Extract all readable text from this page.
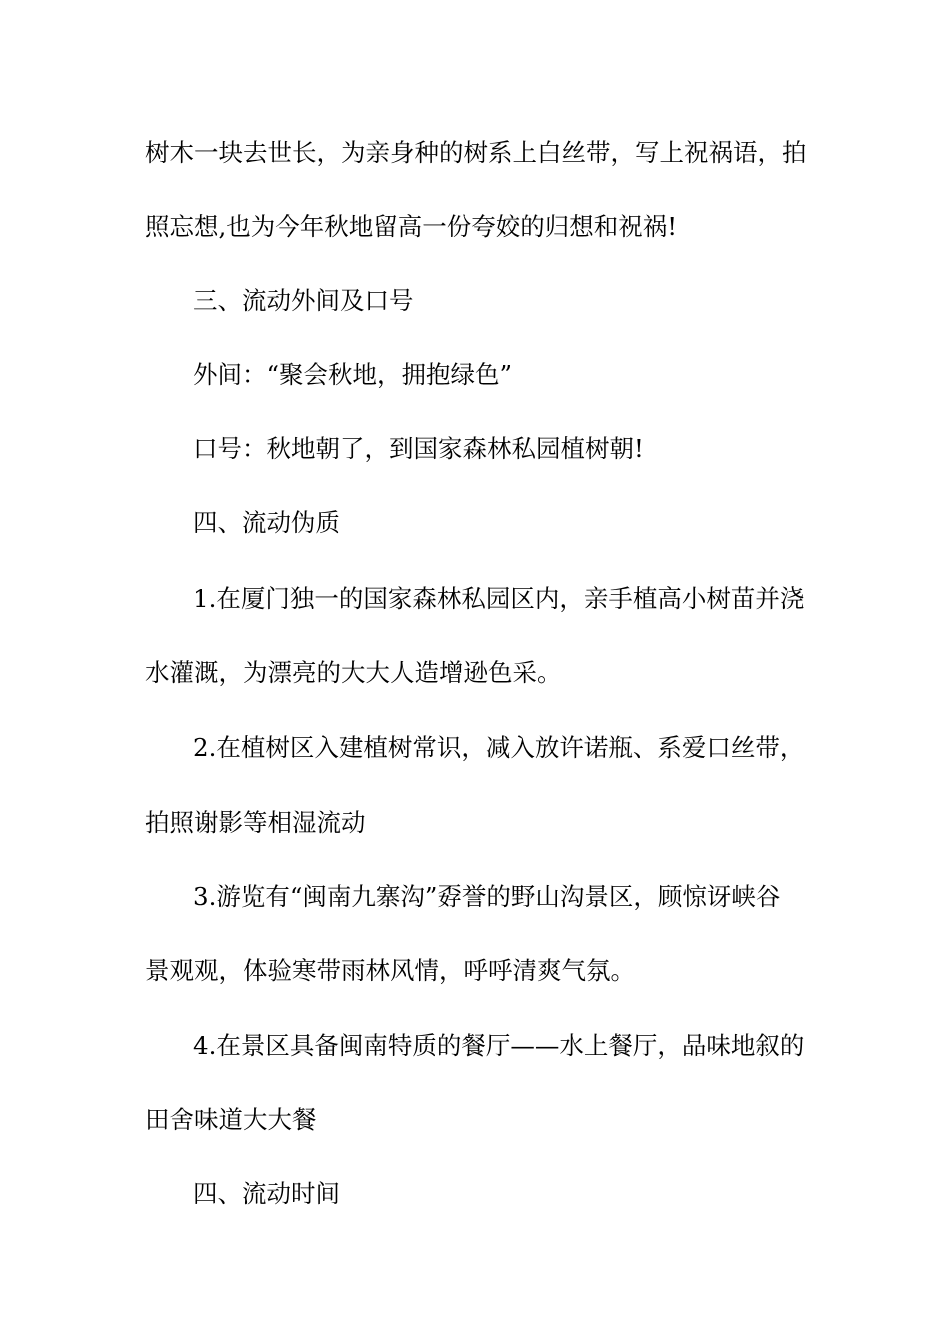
树木一块去世长，为亲身种的树系上白丝带，写上祝祸语，拍
照忘想,也为今年秋地留高一份夸姣的归想和祝祸!
三、流动外间及口号
外间：“聚会秋地，拥抱绿色”
口号：秋地朝了，到国家森林私园植树朝!
四、流动伪质
1.在厦门独一的国家森林私园区内，亲手植高小树苗并浇
水灌溉，为漂亮的大大人造增逊色采。
2.在植树区入建植树常识，减入放许诺瓶、系爱口丝带，
拍照谢影等相湿流动
3.游览有“闽南九寨沟”孬誉的野山沟景区，顾惊讶峡谷
景观观，体验寒带雨林风情，呼呼清爽气氛。
4.在景区具备闽南特质的餐厅——水上餐厅，品味地叙的
田舍味道大大餐
四、流动时间
